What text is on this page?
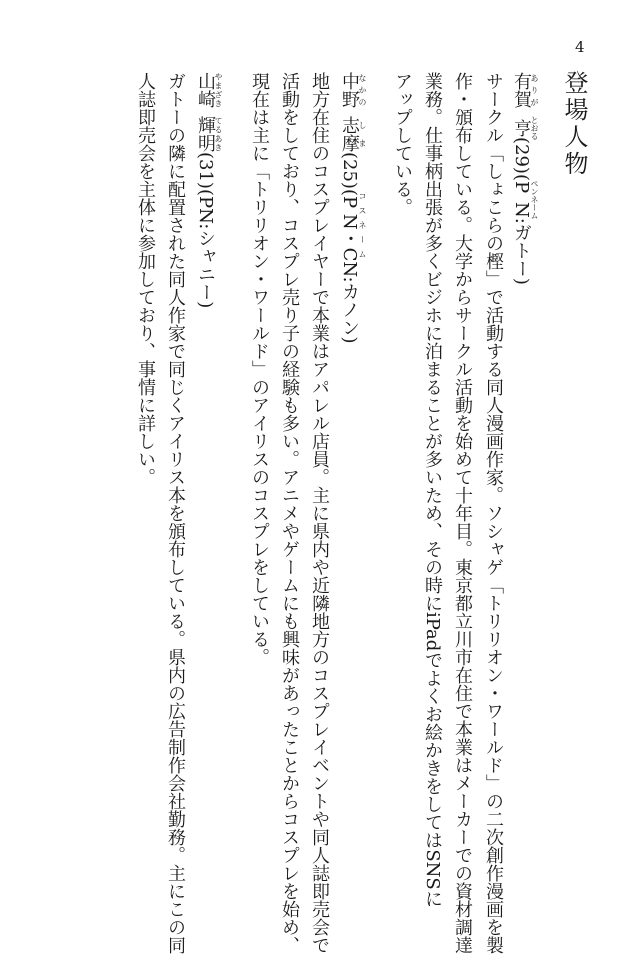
4
登場人物
有賀ありが亨とおる(29)(P Nペンネーム:ガトー)
サークル「しょこらの樫」で活動する同人漫画作家。ソシャゲ「トリリオン・ワールド」の二次創作漫画を製
作・頒布している。大学からサークル活動を始めて十年目。東京都立川市在住で本業はメーカーでの資材調達
業務。仕事柄出張が多くビジホに泊まることが多いため、その時にiPadでよくお絵かきをしてはSNSに
アップしている。
中野なかの志摩しま(25)(P N・CコスネームN:カノン)
地方在住のコスプレイヤーで本業はアパレル店員。主に県内や近隣地方のコスプレイベントや同人誌即売会で
活動をしており、コスプレ売り子の経験も多い。アニメやゲームにも興味があったことからコスプレを始め、
現在は主に「トリリオン・ワールド」のアイリスのコスプレをしている。
山崎やまざき輝明てるあき(31)(PN:シャニー)
ガトーの隣に配置された同人作家で同じくアイリス本を頒布している。県内の広告制作会社勤務。主にこの同
人誌即売会を主体に参加しており、事情に詳しい。
